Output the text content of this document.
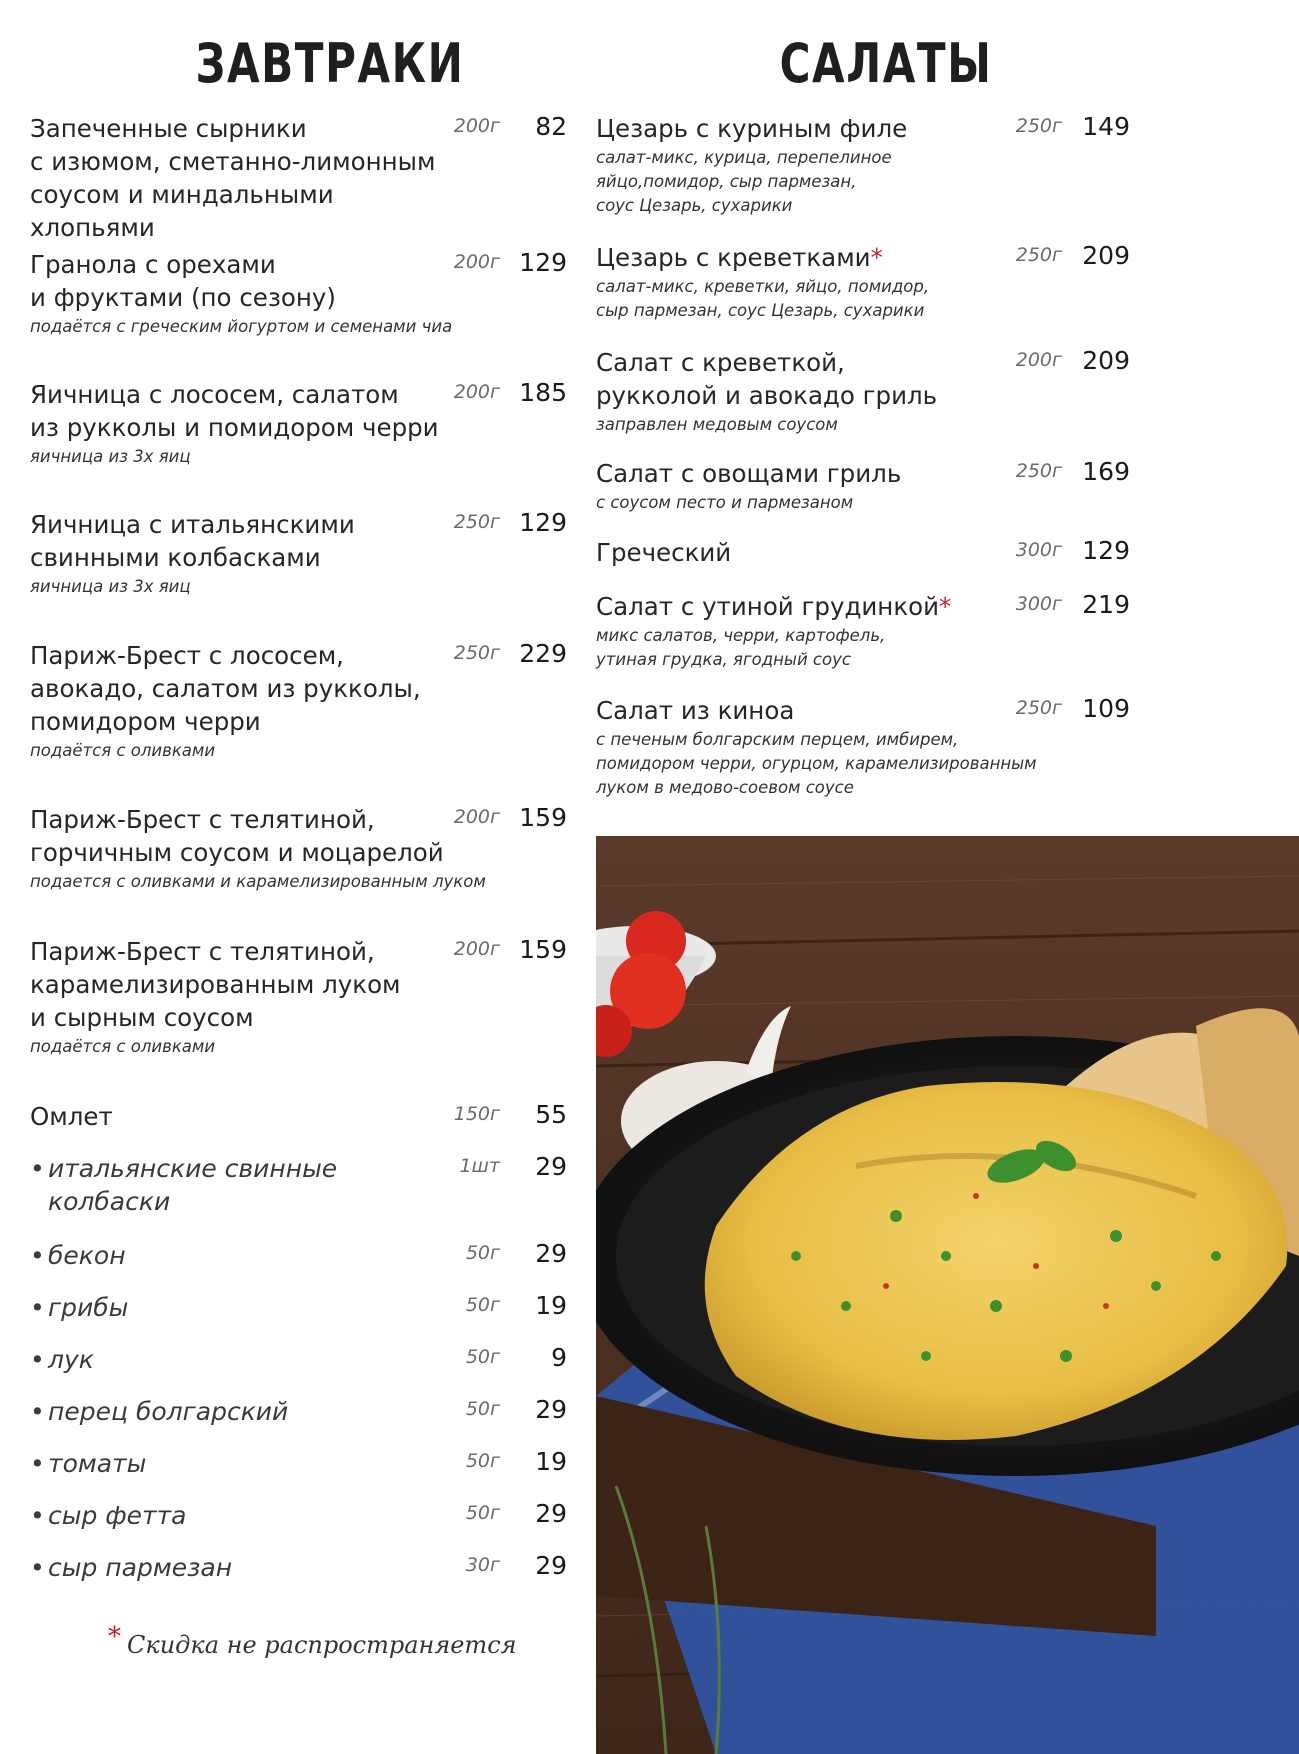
ЗАВТРАКИ
Запеченные сырники
с изюмом, сметанно-лимонным
соусом и миндальными хлопьями
200г	82
Гранола с орехами
и фруктами (по сезону)
подаётся с греческим йогуртом и семенами чиа
200г 129
Яичница с лососем, салатом
из рукколы и помидором черри
яичница из 3х яиц
200г 185
Яичница с итальянскими
свинными колбасками
яичница из 3х яиц
250г 129
Париж-Брест с лососем,
авокадо, салатом из рукколы,
помидором черри
подаётся с оливками
250г 229
Париж-Брест с телятиной,
горчичным соусом и моцарелой
подается с оливками и карамелизированным луком
200г 159
Париж-Брест с телятиной,
карамелизированным луком
и сырным соусом
подаётся с оливками
200г 159
Омлет	150г	55
• итальянские свинные
колбаски
1шт	29
• бекон	50г	29
• грибы	50г	19
• лук	50г	9
• перец болгарский	50г	29
• томаты	50г	19
• сыр фетта	50г	29
• сыр пармезан	30г	29
* Скидка не распространяется
САЛАТЫ
Цезарь с куриным филе
салат-микс, курица, перепелиное
яйцо,помидор, сыр пармезан,
соус Цезарь, сухарики
250г 149
Цезарь с креветками*
салат-микс, креветки, яйцо, помидор,
сыр пармезан, соус Цезарь, сухарики
250г 209
Салат с креветкой,
рукколой и авокадо гриль
заправлен медовым соусом
200г 209
Салат с овощами гриль
с соусом песто и пармезаном
250г 169
Греческий	300г 129
Салат с утиной грудинкой*
микс салатов, черри, картофель,
утиная грудка, ягодный соус
300г 219
Салат из киноа
с печеным болгарским перцем, имбирем,
помидором черри, огурцом, карамелизированным
луком в медово-соевом соусе
250г 109
